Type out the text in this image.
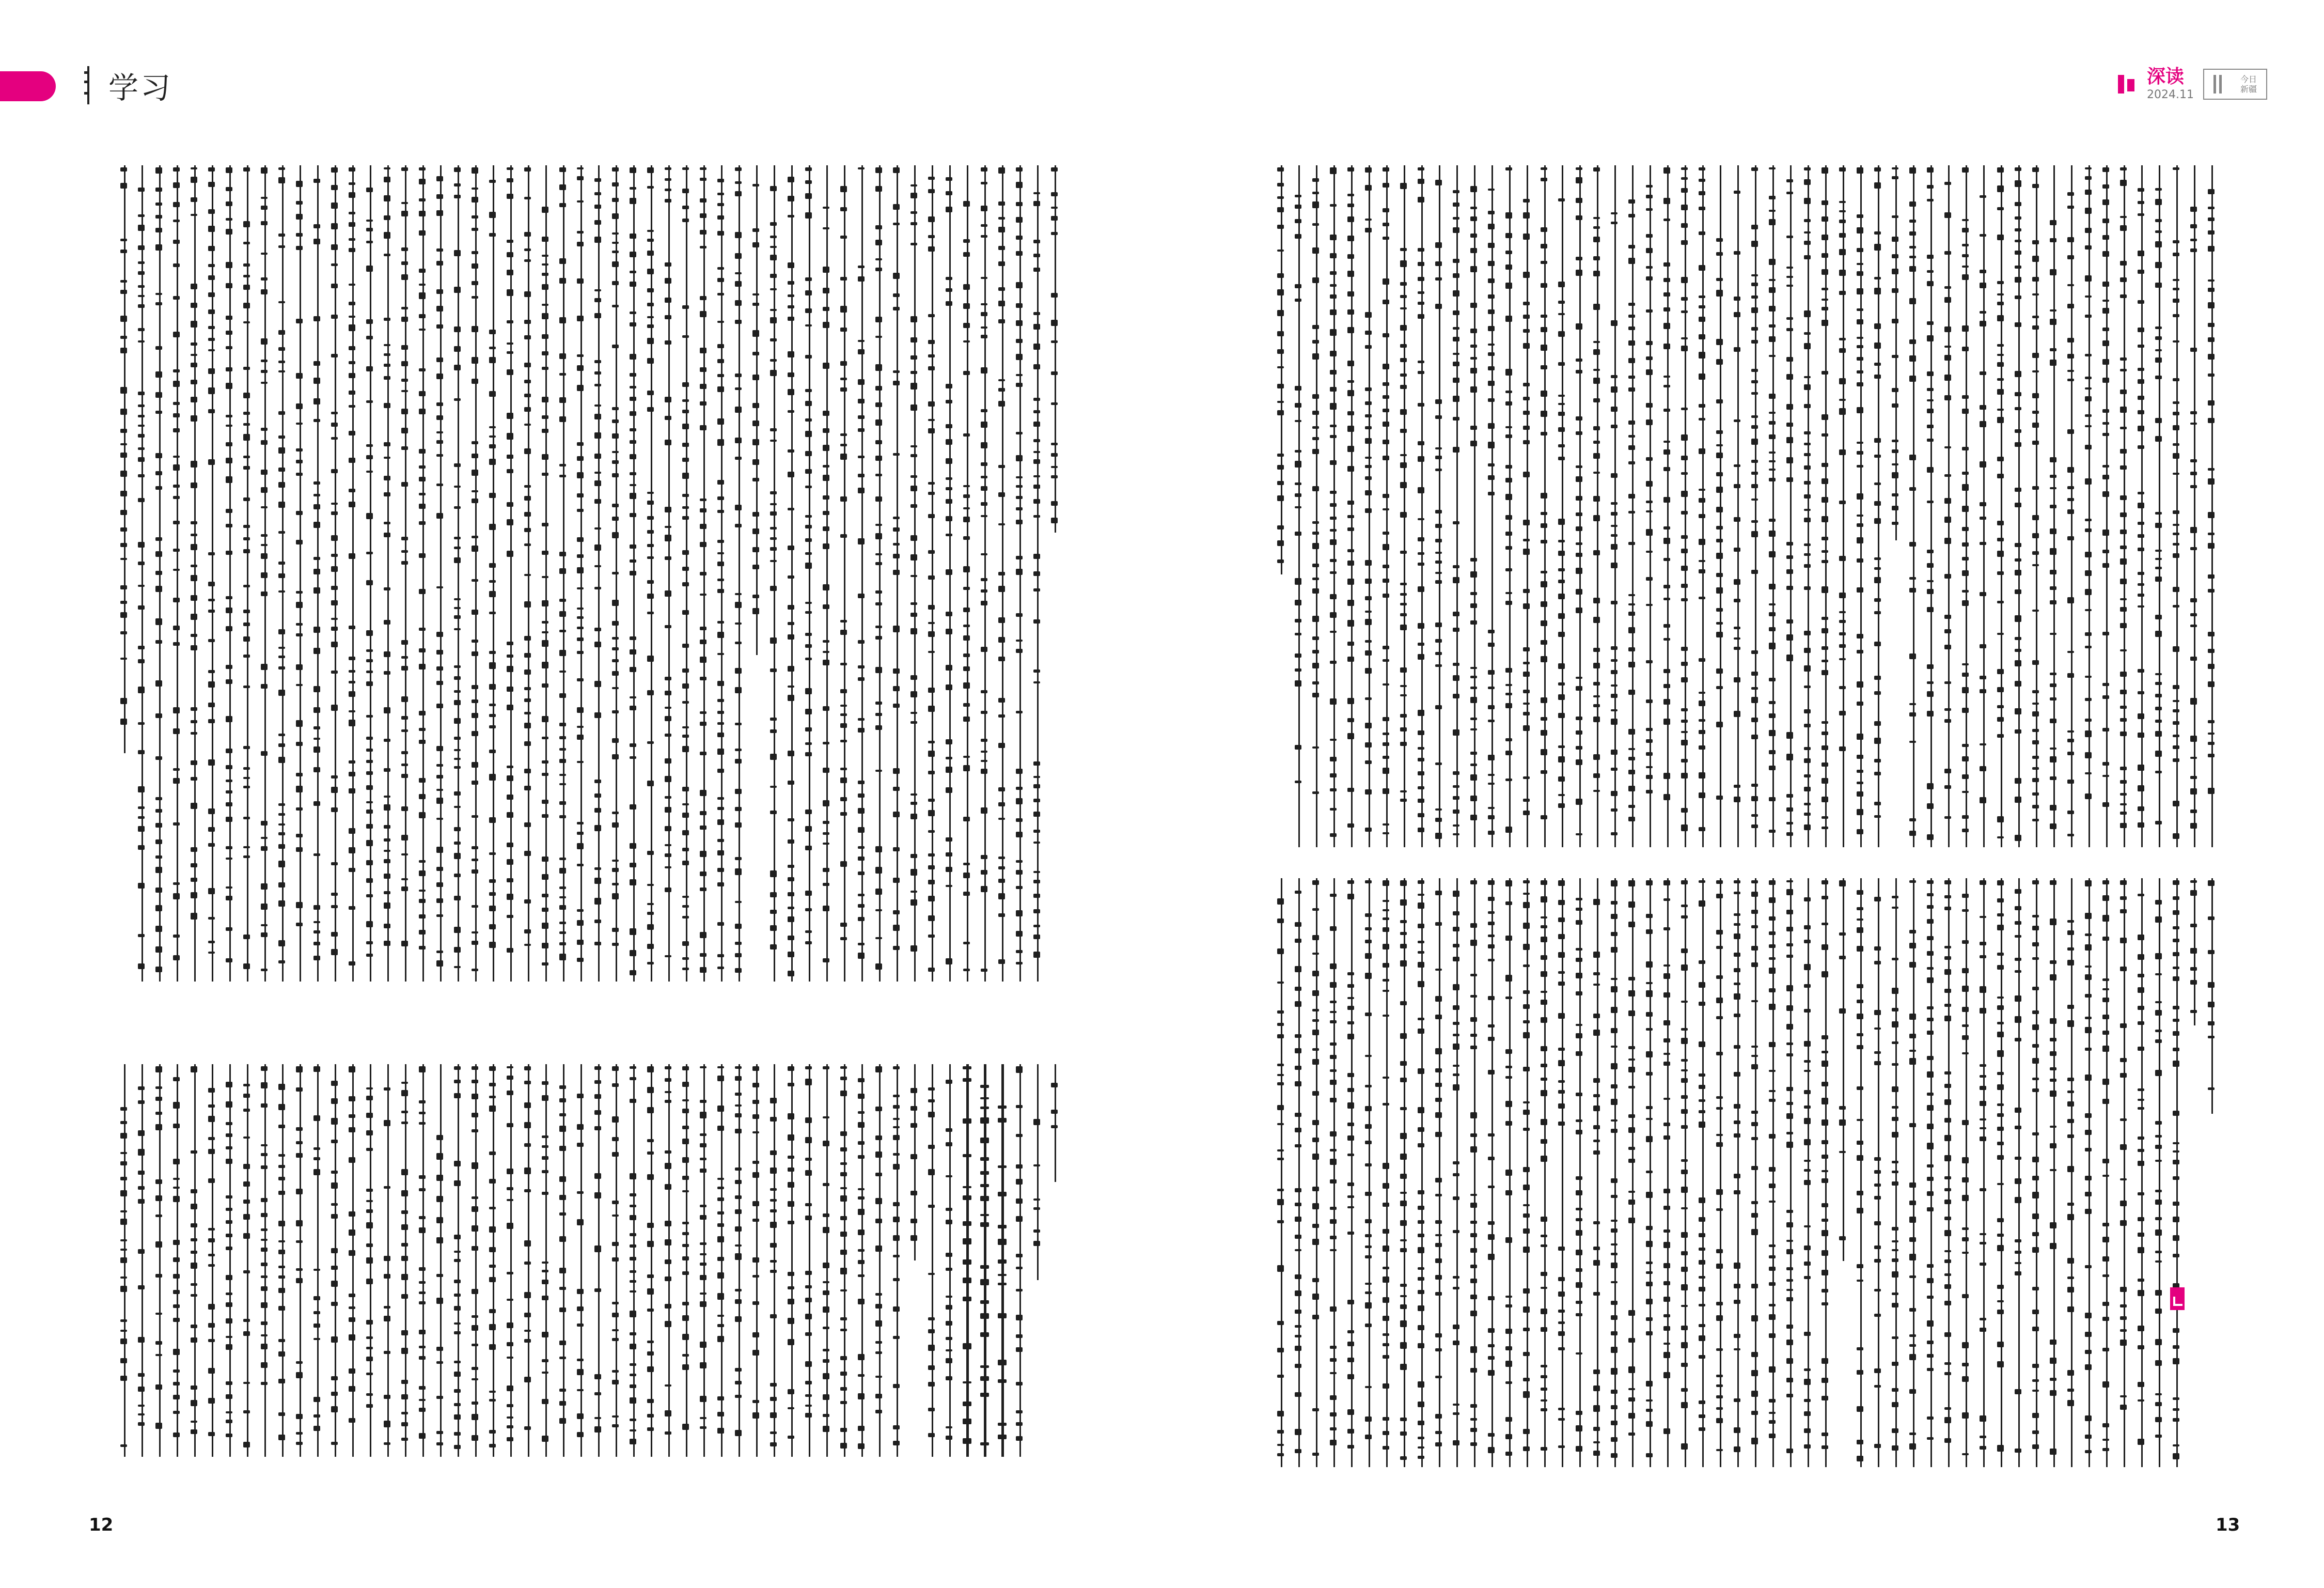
学习	深读
2024.11
今日
新疆
12	13
